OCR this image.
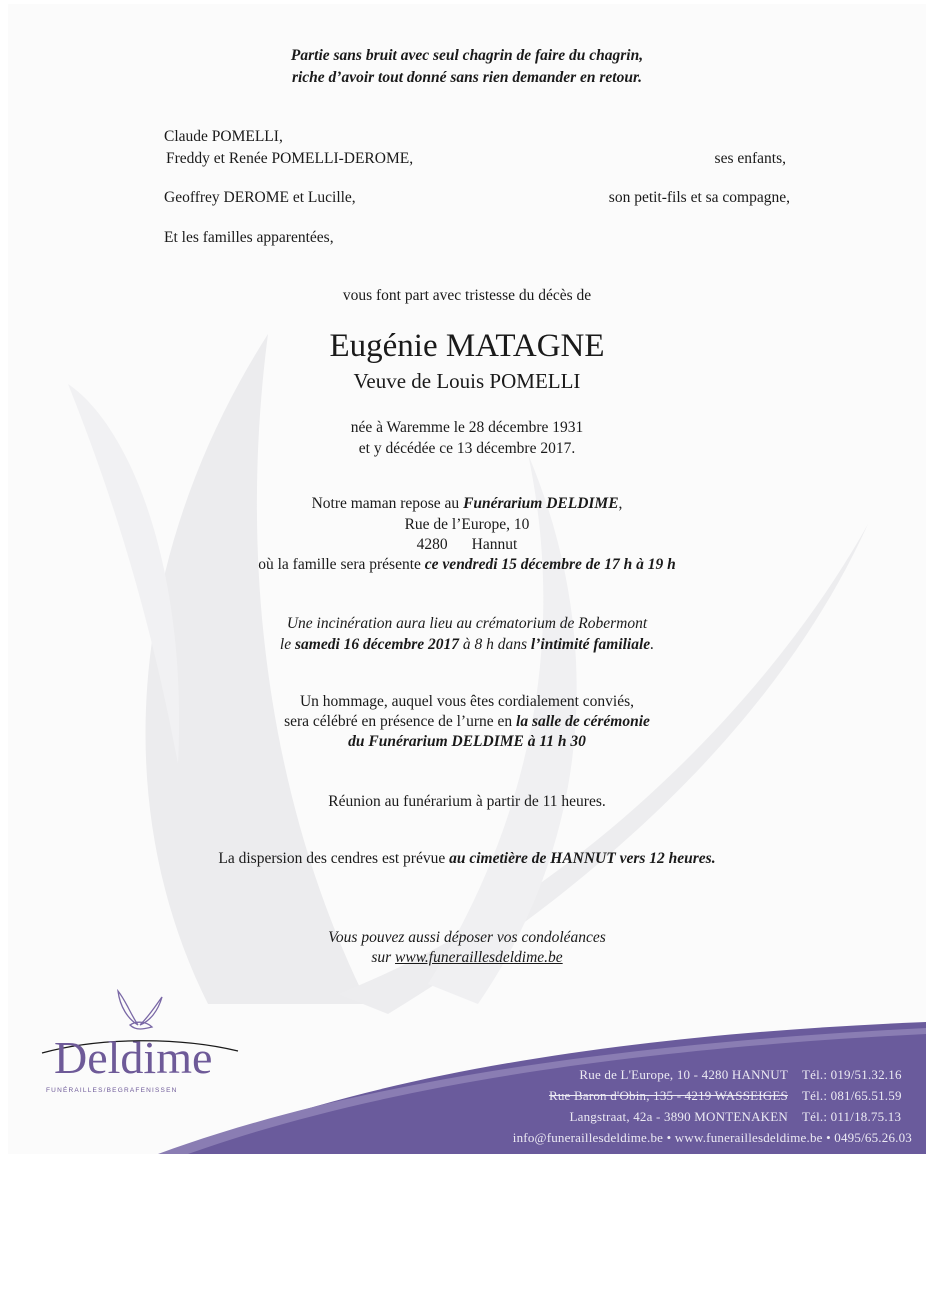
Partie sans bruit avec seul chagrin de faire du chagrin,
riche d’avoir tout donné sans rien demander en retour.
Claude POMELLI,
Freddy et Renée POMELLI-DEROME,	ses enfants,
Geoffrey DEROME et Lucille,	son petit-fils et sa compagne,
Et les familles apparentées,
vous font part avec tristesse du décès de
Eugénie MATAGNE
Veuve de Louis POMELLI
née à Waremme le 28 décembre 1931
et y décédée ce 13 décembre 2017.
Notre maman repose au Funérarium DELDIME,
Rue de l’Europe, 10
4280 Hannut
où la famille sera présente ce vendredi 15 décembre de 17 h à 19 h
Une incinération aura lieu au crématorium de Robermont
le samedi 16 décembre 2017 à 8 h dans l’intimité familiale.
Un hommage, auquel vous êtes cordialement conviés,
sera célébré en présence de l’urne en la salle de cérémonie
du Funérarium DELDIME à 11 h 30
Réunion au funérarium à partir de 11 heures.
La dispersion des cendres est prévue au cimetière de HANNUT vers 12 heures.
Vous pouvez aussi déposer vos condoléances
sur www.funeraillesdeldime.be
Rue de L'Europe, 10 - 4280 HANNUT Tél.: 019/51.32.16
Rue Baron d'Obin, 135 - 4219 WASSEIGES Tél.: 081/65.51.59
Langstraat, 42a - 3890 MONTENAKEN Tél.: 011/18.75.13
info@funeraillesdeldime.be • www.funeraillesdeldime.be • 0495/65.26.03
Deldime
FUNÉRAILLES/BEGRAFENISSEN
